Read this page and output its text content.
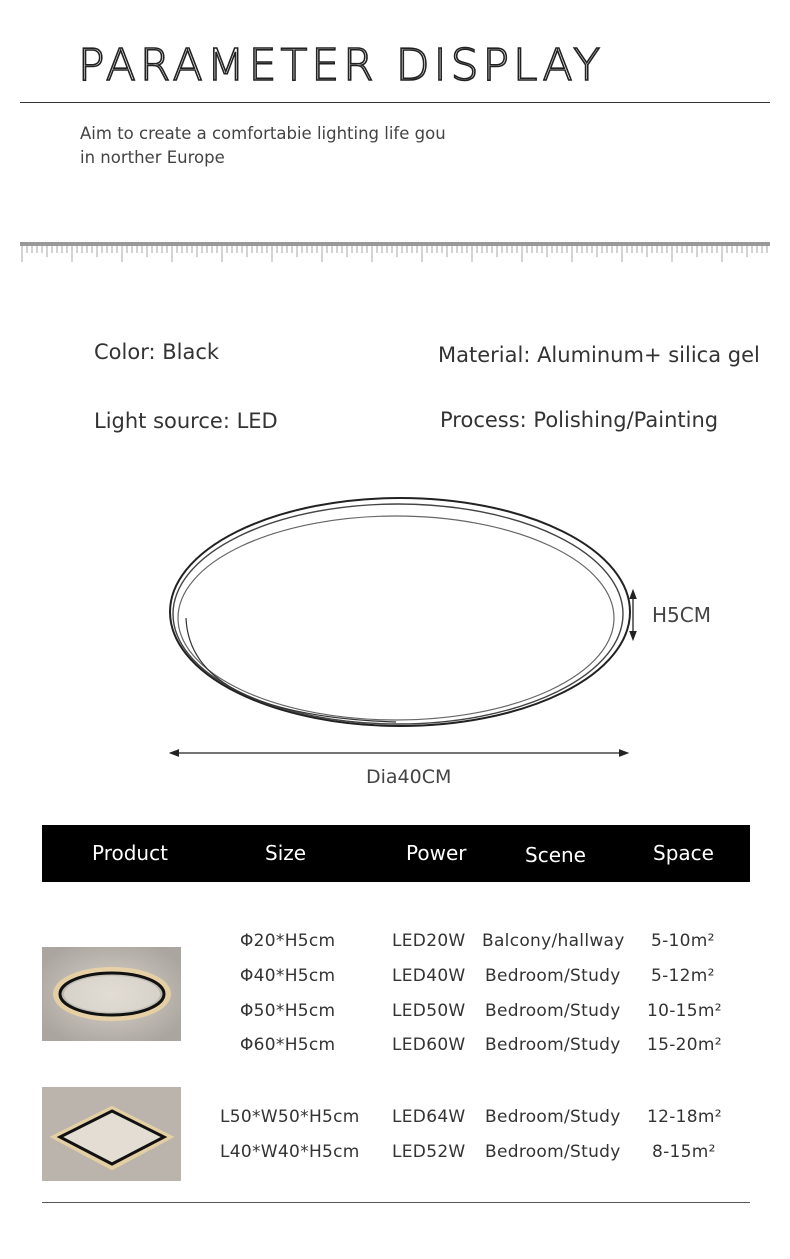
PARAMETER DISPLAY
Aim to create a comfortabie lighting life gou
in norther Europe
Color: Black	Material: Aluminum+ silica gel
Light source: LED	Process: Polishing/Painting
H5CM
Dia40CM
Product	Size	Power	Scene	Space
Φ20*H5cm	LED20W Balcony/hallway 5-10m²
Φ40*H5cm	LED40W Bedroom/Study 5-12m²
Φ50*H5cm	LED50W Bedroom/Study 10-15m²
Φ60*H5cm	LED60W Bedroom/Study 15-20m²
L50*W50*H5cm LED64W Bedroom/Study 12-18m²
L40*W40*H5cm LED52W Bedroom/Study 8-15m²
